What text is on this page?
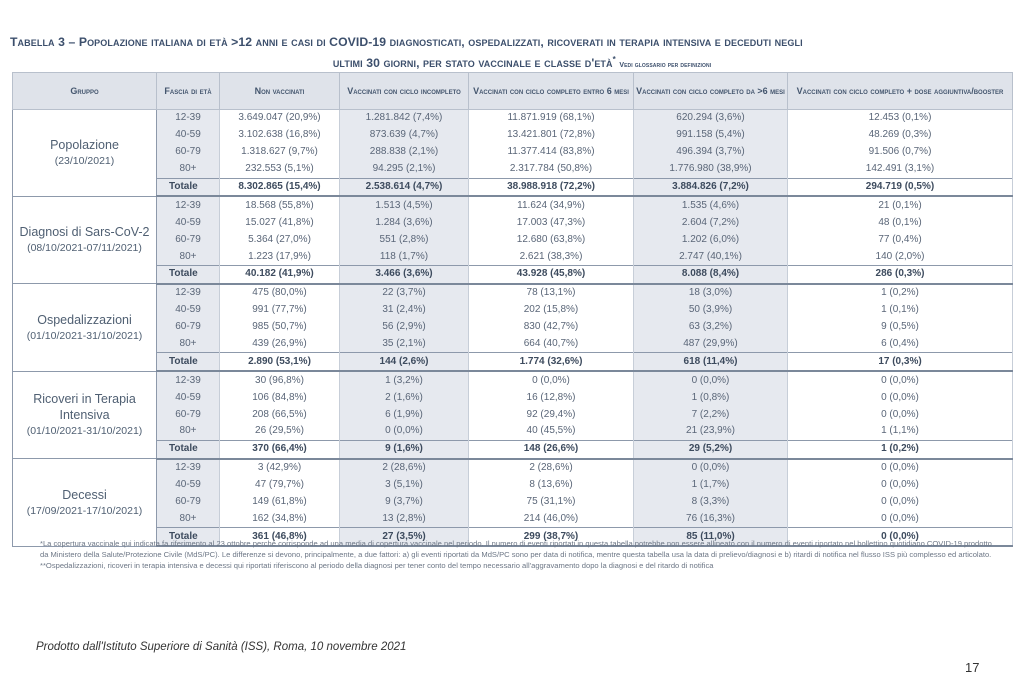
Tabella 3 – Popolazione italiana di età >12 anni e casi di COVID-19 diagnosticati, ospedalizzati, ricoverati in terapia intensiva e deceduti negli
ultimi 30 giorni, per stato vaccinale e classe d'età* Vedi glossario per definizioni
Gruppo	Fascia di età	Non vaccinati	Vaccinati con ciclo incompleto	Vaccinati con ciclo completo entro 6 mesi	Vaccinati con ciclo completo da >6 mesi	Vaccinati con ciclo completo + dose aggiuntiva/booster
Popolazione
(23/10/2021)	12-39	3.649.047 (20,9%)	1.281.842 (7,4%)	11.871.919 (68,1%)	620.294 (3,6%)	12.453 (0,1%)
	40-59	3.102.638 (16,8%)	873.639 (4,7%)	13.421.801 (72,8%)	991.158 (5,4%)	48.269 (0,3%)
	60-79	1.318.627 (9,7%)	288.838 (2,1%)	11.377.414 (83,8%)	496.394 (3,7%)	91.506 (0,7%)
	80+	232.553 (5,1%)	94.295 (2,1%)	2.317.784 (50,8%)	1.776.980 (38,9%)	142.491 (3,1%)
	Totale	8.302.865 (15,4%)	2.538.614 (4,7%)	38.988.918 (72,2%)	3.884.826 (7,2%)	294.719 (0,5%)
Diagnosi di Sars-CoV-2
(08/10/2021-07/11/2021)	12-39	18.568 (55,8%)	1.513 (4,5%)	11.624 (34,9%)	1.535 (4,6%)	21 (0,1%)
	40-59	15.027 (41,8%)	1.284 (3,6%)	17.003 (47,3%)	2.604 (7,2%)	48 (0,1%)
	60-79	5.364 (27,0%)	551 (2,8%)	12.680 (63,8%)	1.202 (6,0%)	77 (0,4%)
	80+	1.223 (17,9%)	118 (1,7%)	2.621 (38,3%)	2.747 (40,1%)	140 (2,0%)
	Totale	40.182 (41,9%)	3.466 (3,6%)	43.928 (45,8%)	8.088 (8,4%)	286 (0,3%)
Ospedalizzazioni
(01/10/2021-31/10/2021)	12-39	475 (80,0%)	22 (3,7%)	78 (13,1%)	18 (3,0%)	1 (0,2%)
	40-59	991 (77,7%)	31 (2,4%)	202 (15,8%)	50 (3,9%)	1 (0,1%)
	60-79	985 (50,7%)	56 (2,9%)	830 (42,7%)	63 (3,2%)	9 (0,5%)
	80+	439 (26,9%)	35 (2,1%)	664 (40,7%)	487 (29,9%)	6 (0,4%)
	Totale	2.890 (53,1%)	144 (2,6%)	1.774 (32,6%)	618 (11,4%)	17 (0,3%)
Ricoveri in Terapia Intensiva
(01/10/2021-31/10/2021)	12-39	30 (96,8%)	1 (3,2%)	0 (0,0%)	0 (0,0%)	0 (0,0%)
	40-59	106 (84,8%)	2 (1,6%)	16 (12,8%)	1 (0,8%)	0 (0,0%)
	60-79	208 (66,5%)	6 (1,9%)	92 (29,4%)	7 (2,2%)	0 (0,0%)
	80+	26 (29,5%)	0 (0,0%)	40 (45,5%)	21 (23,9%)	1 (1,1%)
	Totale	370 (66,4%)	9 (1,6%)	148 (26,6%)	29 (5,2%)	1 (0,2%)
Decessi
(17/09/2021-17/10/2021)	12-39	3 (42,9%)	2 (28,6%)	2 (28,6%)	0 (0,0%)	0 (0,0%)
	40-59	47 (79,7%)	3 (5,1%)	8 (13,6%)	1 (1,7%)	0 (0,0%)
	60-79	149 (61,8%)	9 (3,7%)	75 (31,1%)	8 (3,3%)	0 (0,0%)
	80+	162 (34,8%)	13 (2,8%)	214 (46,0%)	76 (16,3%)	0 (0,0%)
	Totale	361 (46,8%)	27 (3,5%)	299 (38,7%)	85 (11,0%)	0 (0,0%)

*La copertura vaccinale qui indicata fa riferimento al 23 ottobre perché corrisponde ad una media di copertura vaccinale nel periodo. Il numero di eventi riportati in questa tabella potrebbe non essere allineato con il numero di eventi riportato nel bollettino quotidiano COVID-19 prodotto da Ministero della Salute/Protezione Civile (MdS/PC). Le differenze si devono, principalmente, a due fattori: a) gli eventi riportati da MdS/PC sono per data di notifica, mentre questa tabella usa la data di prelievo/diagnosi e b) ritardi di notifica nel flusso ISS più complesso ed articolato.

**Ospedalizzazioni, ricoveri in terapia intensiva e decessi qui riportati riferiscono al periodo della diagnosi per tener conto del tempo necessario all'aggravamento dopo la diagnosi e del ritardo di notifica

Prodotto dall'Istituto Superiore di Sanità (ISS), Roma, 10 novembre 2021
17
